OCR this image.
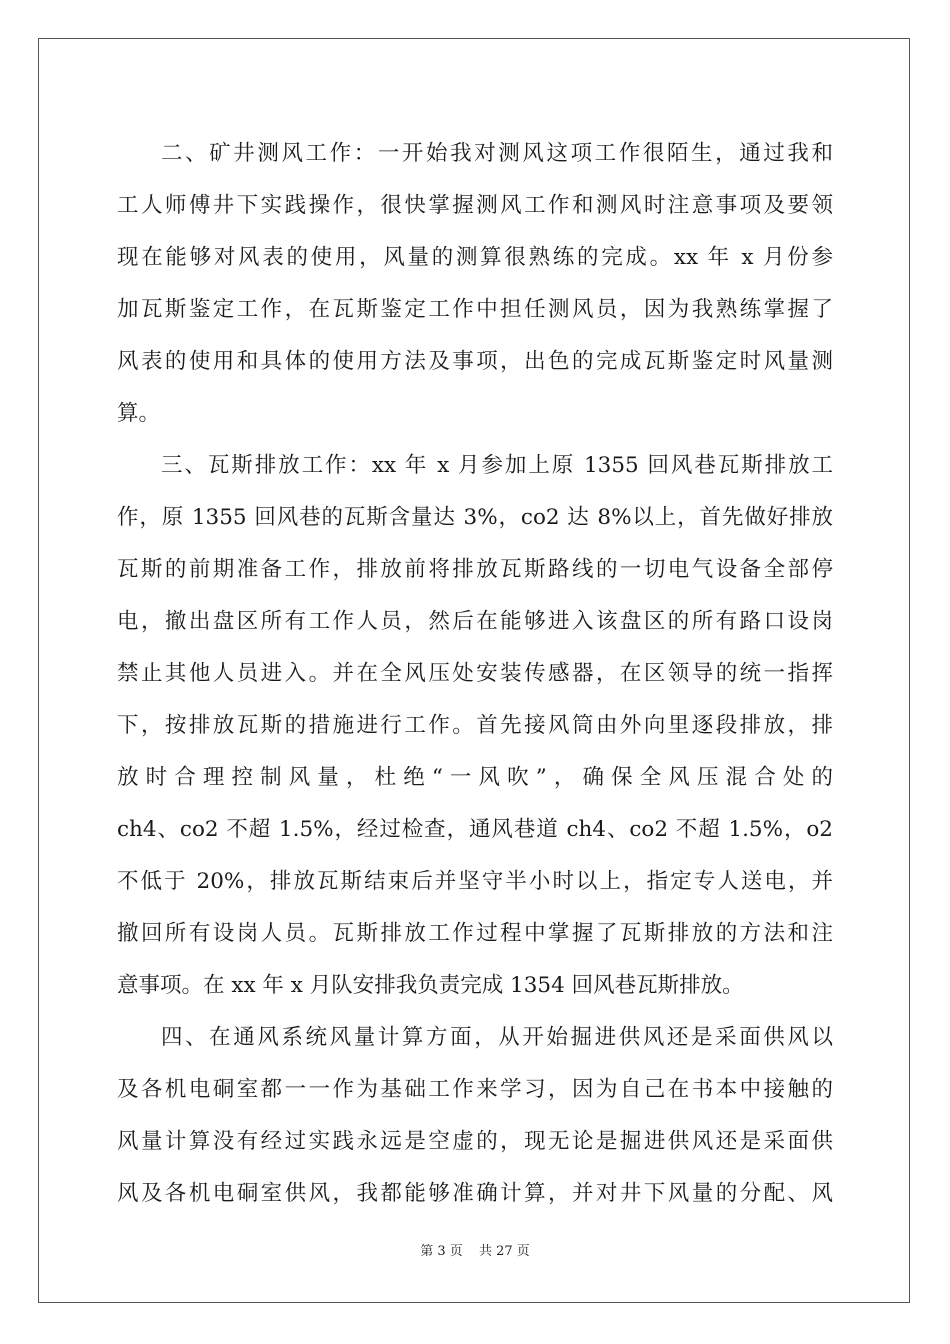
二、矿井测风工作：一开始我对测风这项工作很陌生，通过我和
工人师傅井下实践操作，很快掌握测风工作和测风时注意事项及要领
现在能够对风表的使用，风量的测算很熟练的完成。xx 年 x 月份参
加瓦斯鉴定工作，在瓦斯鉴定工作中担任测风员，因为我熟练掌握了
风表的使用和具体的使用方法及事项，出色的完成瓦斯鉴定时风量测
算。
三、瓦斯排放工作：xx 年 x 月参加上原 1355 回风巷瓦斯排放工
作，原 1355 回风巷的瓦斯含量达 3%，co2 达 8%以上，首先做好排放
瓦斯的前期准备工作，排放前将排放瓦斯路线的一切电气设备全部停
电，撤出盘区所有工作人员，然后在能够进入该盘区的所有路口设岗
禁止其他人员进入。并在全风压处安装传感器，在区领导的统一指挥
下，按排放瓦斯的措施进行工作。首先接风筒由外向里逐段排放，排
放时合理控制风量，杜绝“一风吹”，确保全风压混合处的
ch4、co2 不超 1.5%，经过检查，通风巷道 ch4、co2 不超 1.5%，o2
不低于 20%，排放瓦斯结束后并坚守半小时以上，指定专人送电，并
撤回所有设岗人员。瓦斯排放工作过程中掌握了瓦斯排放的方法和注
意事项。在 xx 年 x 月队安排我负责完成 1354 回风巷瓦斯排放。
四、在通风系统风量计算方面，从开始掘进供风还是采面供风以
及各机电硐室都一一作为基础工作来学习，因为自己在书本中接触的
风量计算没有经过实践永远是空虚的，现无论是掘进供风还是采面供
风及各机电硐室供风，我都能够准确计算，并对井下风量的分配、风
第 3 页 共 27 页
